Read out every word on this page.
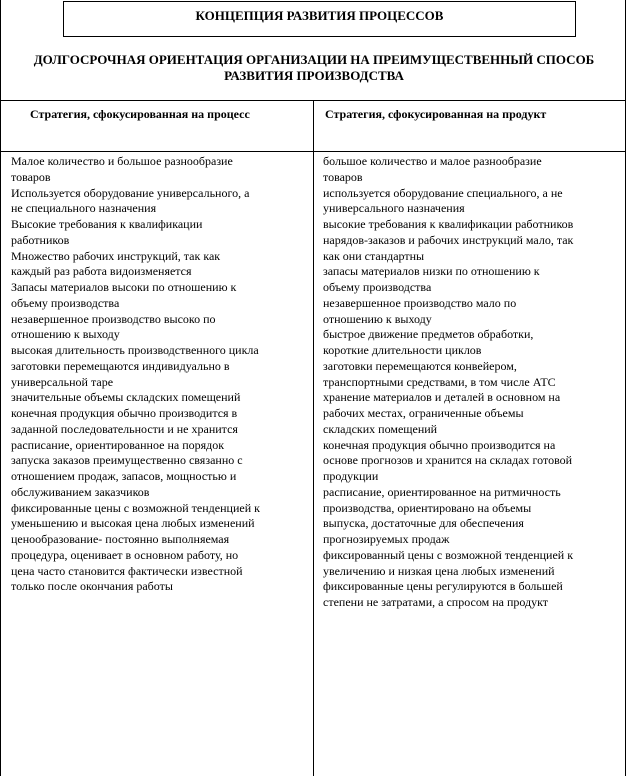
КОНЦЕПЦИЯ РАЗВИТИЯ ПРОЦЕССОВ
ДОЛГОСРОЧНАЯ ОРИЕНТАЦИЯ ОРГАНИЗАЦИИ НА ПРЕИМУЩЕСТВЕННЫЙ СПОСОБ
РАЗВИТИЯ ПРОИЗВОДСТВА
Стратегия, сфокусированная на процесс	Стратегия, сфокусированная на продукт
Малое количество и большое разнообразие
товаров
Используется оборудование универсального, а
не специального назначения
Высокие требования к квалификации
работников
Множество рабочих инструкций, так как
каждый раз работа видоизменяется
Запасы материалов высоки по отношению к
объему производства
незавершенное производство высоко по
отношению к выходу
высокая длительность производственного цикла
заготовки перемещаются индивидуально в
универсальной таре
значительные объемы складских помещений
конечная продукция обычно производится в
заданной последовательности и не хранится
расписание, ориентированное на порядок
запуска заказов преимущественно связанно с
отношением продаж, запасов, мощностью и
обслуживанием заказчиков
фиксированные цены с возможной тенденцией к
уменьшению и высокая цена любых изменений
ценообразование- постоянно выполняемая
процедура, оценивает в основном работу, но
цена часто становится фактически известной
только после окончания работы
большое количество и малое разнообразие
товаров
используется оборудование специального, а не
универсального назначения
высокие требования к квалификации работников
нарядов-заказов и рабочих инструкций мало, так
как они стандартны
запасы материалов низки по отношению к
объему производства
незавершенное производство мало по
отношению к выходу
быстрое движение предметов обработки,
короткие длительности циклов
заготовки перемещаются конвейером,
транспортными средствами, в том числе АТС
хранение материалов и деталей в основном на
рабочих местах, ограниченные объемы
складских помещений
конечная продукция обычно производится на
основе прогнозов и хранится на складах готовой
продукции
расписание, ориентированное на ритмичность
производства, ориентировано на объемы
выпуска, достаточные для обеспечения
прогнозируемых продаж
фиксированный цены с возможной тенденцией к
увеличению и низкая цена любых изменений
фиксированные цены регулируются в большей
степени не затратами, а спросом на продукт
